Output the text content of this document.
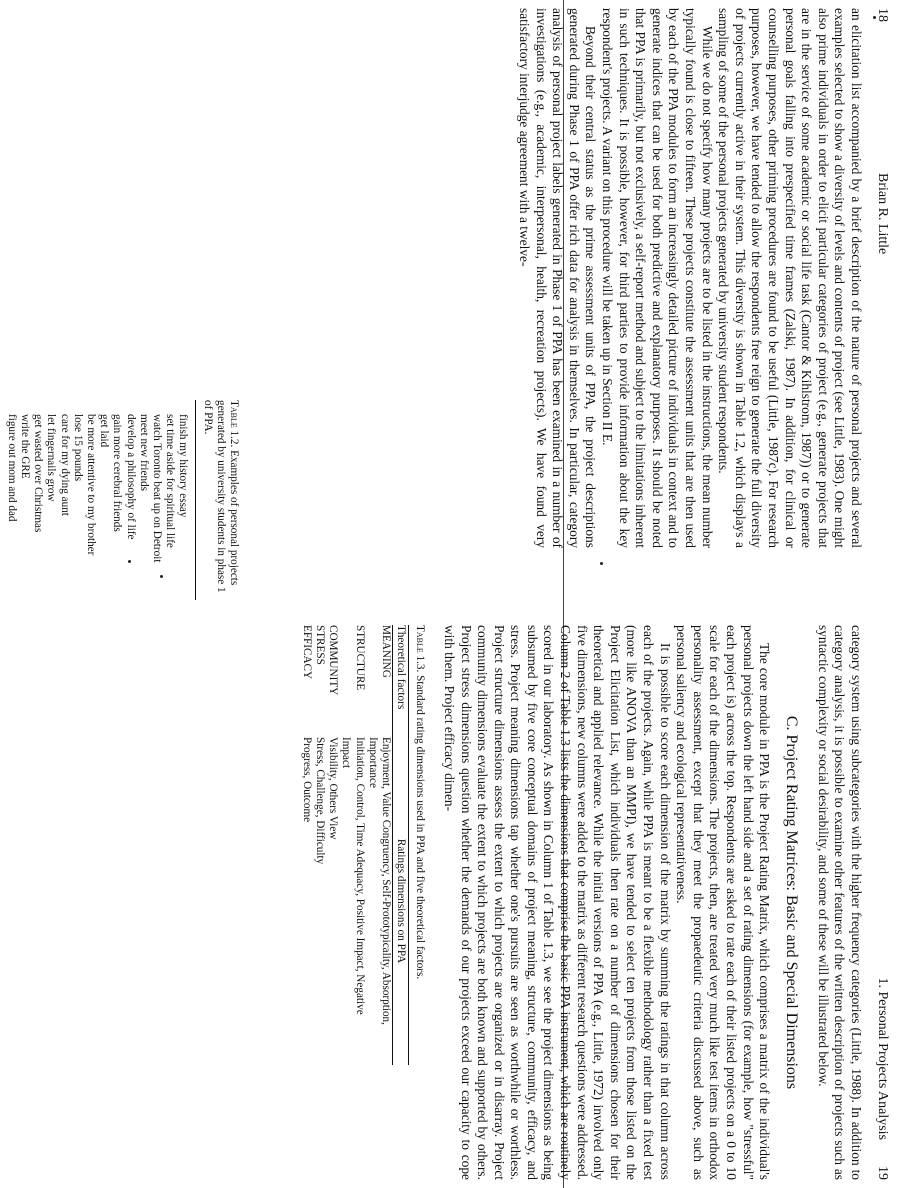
18
Brian R. Little

an elicitation list accompanied by a brief description of the nature of personal projects and several examples selected to show a diversity of levels and contents of project (see Little, 1983). One might also prime individuals in order to elicit particular categories of project (e.g., generate projects that are in the service of some academic or social life task (Cantor & Kihlstrom, 1987)) or to generate personal goals falling into prespecified time frames (Zalski, 1987). In addition, for clinical or counselling purposes, other priming procedures are found to be useful (Little, 1987c). For research purposes, however, we have tended to allow the respondents free reign to generate the full diversity of projects currently active in their system. This diversity is shown in Table 1.2, which displays a sampling of some of the personal projects generated by university student respondents.

While we do not specify how many projects are to be listed in the instructions, the mean number typically found is close to fifteen. These projects constitute the assessment units that are then used by each of the PPA modules to form an increasingly detailed picture of individuals in context and to generate indices that can be used for both predictive and explanatory purposes. It should be noted that PPA is primarily, but not exclusively, a self-report method and subject to the limitations inherent in such techniques. It is possible, however, for third parties to provide information about the key respondent's projects. A variant on this procedure will be taken up in Section II E.

Beyond their central status as the prime assessment units of PPA, the project descriptions generated during Phase 1 of PPA offer rich data for analysis in themselves. In particular, category analysis of personal project labels generated in Phase 1 of PPA has been examined in a number of investigations (e.g., academic, interpersonal, health, recreation projects). We have found very satisfactory interjudge agreement with a twelve-

Table 1.2. Examples of personal projects generated by university students in phase 1 of PPA.

finish my history essay
set time aside for spiritual life
watch Toronto beat up on Detroit
meet new friends
develop a philosophy of life
gain more cerebral friends
get laid
be more attentive to my brother
lose 15 pounds
care for my dying aunt
let fingernails grow
get wasted over Christmas
write the GRE
figure out mom and dad
1. Personal Projects Analysis
19

category system using subcategories with the higher frequency categories (Little, 1988). In addition to category analysis, it is possible to examine other features of the written description of projects such as syntactic complexity or social desirability, and some of these will be illustrated below.

C. Project Rating Matrices: Basic and Special Dimensions

The core module in PPA is the Project Rating Matrix, which comprises a matrix of the individual's personal projects down the left hand side and a set of rating dimensions (for example, how "stressful" each project is) across the top. Respondents are asked to rate each of their listed projects on a 0 to 10 scale for each of the dimensions. The projects, then, are treated very much like test items in orthodox personality assessment, except that they meet the propaedeutic criteria discussed above, such as personal saliency and ecological representativeness.

It is possible to score each dimension of the matrix by summing the ratings in that column across each of the projects. Again, while PPA is meant to be a flexible methodology rather than a fixed test (more like ANOVA than an MMPI), we have tended to select ten projects from those listed on the Project Elicitation List, which individuals then rate on a number of dimensions chosen for their theoretical and applied relevance. While the initial versions of PPA (e.g., Little, 1972) involved only five dimensions, new columns were added to the matrix as different research questions were addressed. Column 2 of Table 1.3 lists the dimensions that comprise the basic PPA instrument, which are routinely scored in our laboratory. As shown in Column 1 of Table 1.3, we see the project dimensions as being subsumed by five core conceptual domains of project meaning, structure, community, efficacy, and stress. Project meaning dimensions tap whether one's pursuits are seen as worthwhile or worthless. Project structure dimensions assess the extent to which projects are organized or in disarray. Project community dimensions evaluate the extent to which projects are both known and supported by others. Project stress dimensions question whether the demands of our projects exceed our capacity to cope with them. Project efficacy dimen-

Table 1.3. Standard rating dimensions used in PPA and five theoretical factors.

Theoretical factors	Ratings dimensions on PPA
MEANING	Enjoyment, Value Congruency, Self-Prototypicality, Absorption,
Importance

STRUCTURE	Initiation, Control, Time Adequacy, Positive Impact, Negative
Impact

COMMUNITY	Visibility, Others View

STRESS	Stress, Challenge, Difficulty

EFFICACY	Progress, Outcome
